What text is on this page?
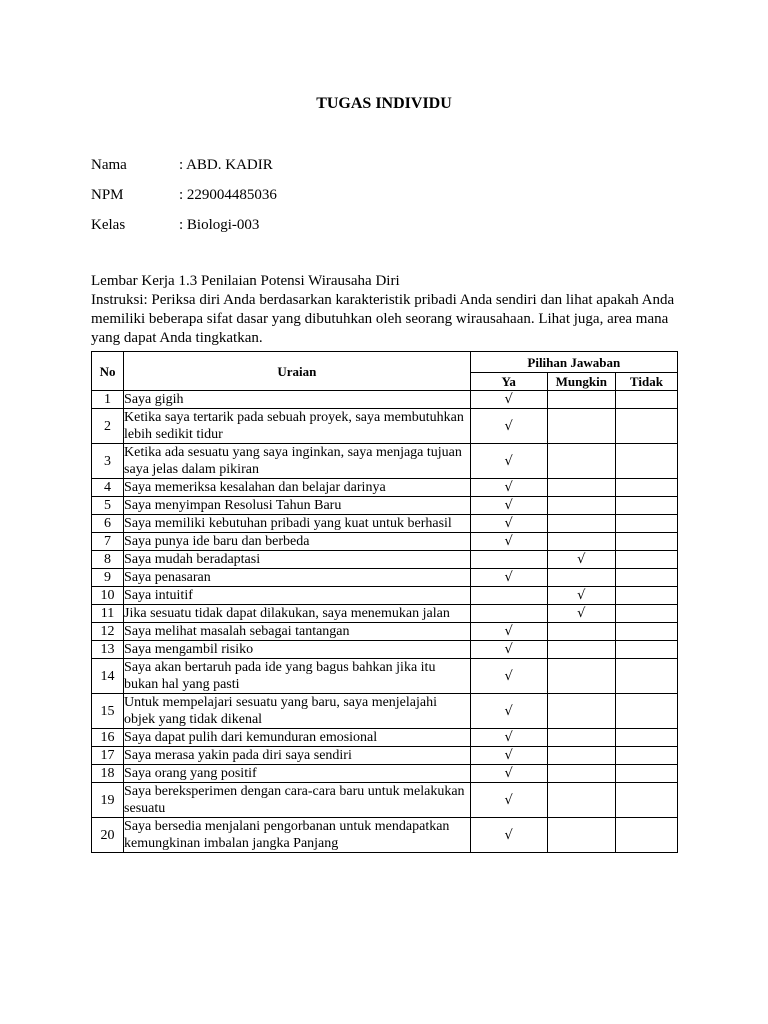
TUGAS INDIVIDU
Nama	: ABD. KADIR
NPM	: 229004485036
Kelas	: Biologi-003

Lembar Kerja 1.3 Penilaian Potensi Wirausaha Diri

Instruksi: Periksa diri Anda berdasarkan karakteristik pribadi Anda sendiri dan lihat apakah Anda memiliki beberapa sifat dasar yang dibutuhkan oleh seorang wirausahaan. Lihat juga, area mana yang dapat Anda tingkatkan.

No	Uraian	Pilihan Jawaban		
		Ya	Mungkin	Tidak
1	Saya gigih	√		
2	Ketika saya tertarik pada sebuah proyek, saya membutuhkan lebih sedikit tidur	√		
3	Ketika ada sesuatu yang saya inginkan, saya menjaga tujuan saya jelas dalam pikiran	√		
4	Saya memeriksa kesalahan dan belajar darinya	√		
5	Saya menyimpan Resolusi Tahun Baru	√		
6	Saya memiliki kebutuhan pribadi yang kuat untuk berhasil	√		
7	Saya punya ide baru dan berbeda	√		
8	Saya mudah beradaptasi		√	
9	Saya penasaran	√		
10	Saya intuitif		√	
11	Jika sesuatu tidak dapat dilakukan, saya menemukan jalan		√	
12	Saya melihat masalah sebagai tantangan	√		
13	Saya mengambil risiko	√		
14	Saya akan bertaruh pada ide yang bagus bahkan jika itu bukan hal yang pasti	√		
15	Untuk mempelajari sesuatu yang baru, saya menjelajahi objek yang tidak dikenal	√		
16	Saya dapat pulih dari kemunduran emosional	√		
17	Saya merasa yakin pada diri saya sendiri	√		
18	Saya orang yang positif	√		
19	Saya bereksperimen dengan cara-cara baru untuk melakukan sesuatu	√		
20	Saya bersedia menjalani pengorbanan untuk mendapatkan kemungkinan imbalan jangka Panjang	√		
